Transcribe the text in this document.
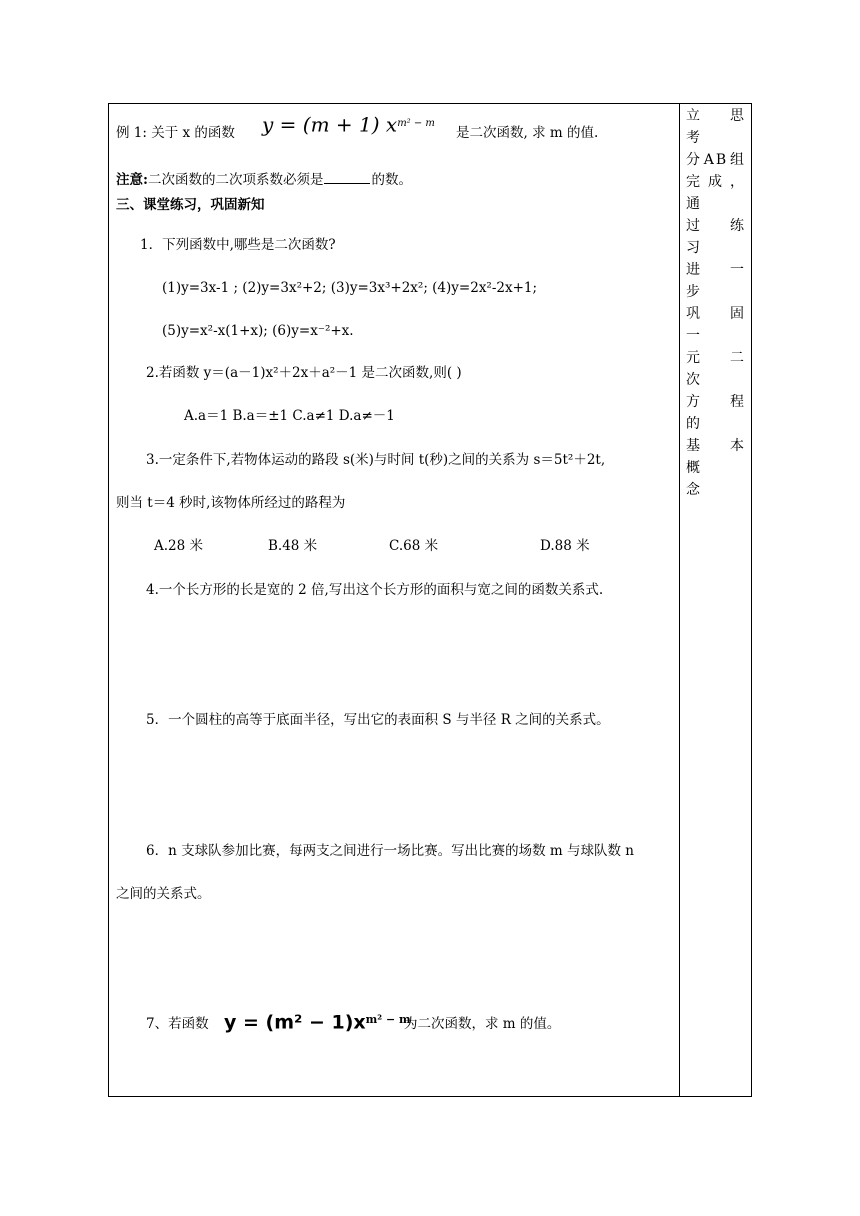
例 1: 关于 x 的函数 y = (m + 1) $x^{m^2 - m}$
是二次函数, 求 m 的值.
注意:二次函数的二次项系数必须是	的数。
三、课堂练习，巩固新知
1．下列函数中,哪些是二次函数?
(1)y=3x-1 ; (2)y=3x²+2; (3)y=3x³+2x²; (4)y=2x²-2x+1;
(5)y=x²-x(1+x); (6)y=x⁻²+x.
2.若函数 y＝(a－1)x²＋2x＋a²－1 是二次函数,则( )
A.a＝1 B.a＝±1 C.a≠1 D.a≠－1
3.一定条件下,若物体运动的路段 s(米)与时间 t(秒)之间的关系为 s＝5t²＋2t,
则当 t＝4 秒时,该物体所经过的路程为
A.28 米	B.48 米	C.68 米	D.88 米
4.一个长方形的长是宽的 2 倍,写出这个长方形的面积与宽之间的函数关系式.
5．一个圆柱的高等于底面半径，写出它的表面积 S 与半径 R 之间的关系式。
6．n 支球队参加比赛，每两支之间进行一场比赛。写出比赛的场数 m 与球队数 n
之间的关系式。
7、若函数 $y = (m^2 - 1)x^{m^2 - m}$
为二次函数，求 m 的值。
立 思 考
分AB组
完成，通
过 练 习
进 一 步
巩 固 一
元 二 次
方 程 的
基 本 概
念
